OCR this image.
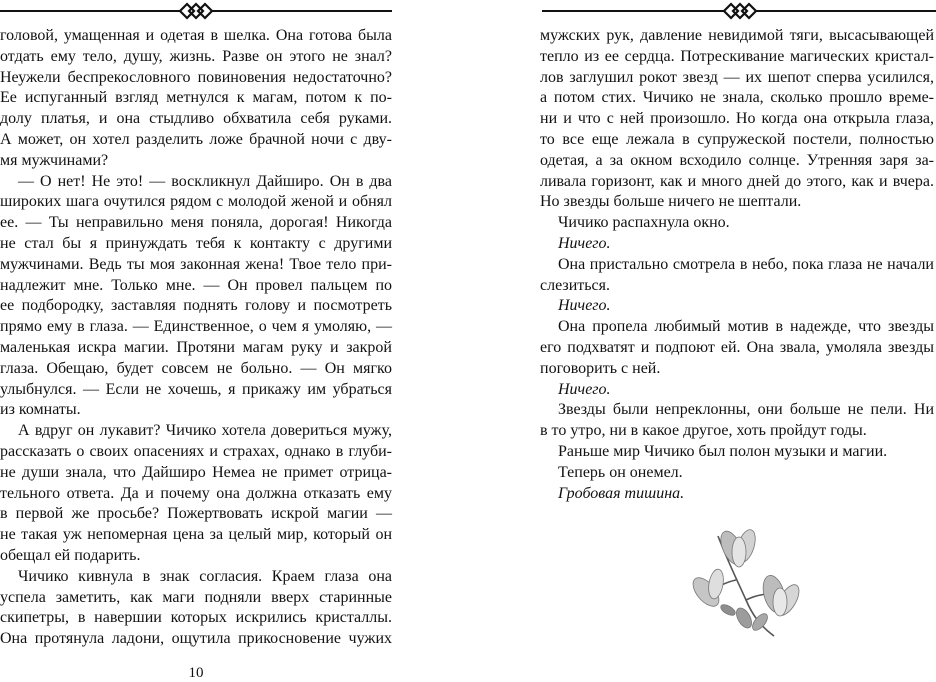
головой, умащенная и одетая в шелка. Она готова была
отдать ему тело, душу, жизнь. Разве он этого не знал?
Неужели беспрекословного повиновения недостаточно?
Ее испуганный взгляд метнулся к магам, потом к по-
долу платья, и она стыдливо обхватила себя руками.
А может, он хотел разделить ложе брачной ночи с дву-
мя мужчинами?
— О нет! Не это! — воскликнул Дайширо. Он в два
широких шага очутился рядом с молодой женой и обнял
ее. — Ты неправильно меня поняла, дорогая! Никогда
не стал бы я принуждать тебя к контакту с другими
мужчинами. Ведь ты моя законная жена! Твое тело при-
надлежит мне. Только мне. — Он провел пальцем по
ее подбородку, заставляя поднять голову и посмотреть
прямо ему в глаза. — Единственное, о чем я умоляю, —
маленькая искра магии. Протяни магам руку и закрой
глаза. Обещаю, будет совсем не больно. — Он мягко
улыбнулся. — Если не хочешь, я прикажу им убраться
из комнаты.
А вдруг он лукавит? Чичико хотела довериться мужу,
рассказать о своих опасениях и страхах, однако в глуби-
не души знала, что Дайширо Немеа не примет отрица-
тельного ответа. Да и почему она должна отказать ему
в первой же просьбе? Пожертвовать искрой магии —
не такая уж непомерная цена за целый мир, который он
обещал ей подарить.
Чичико кивнула в знак согласия. Краем глаза она
успела заметить, как маги подняли вверх старинные
скипетры, в навершии которых искрились кристаллы.
Она протянула ладони, ощутила прикосновение чужих
10
мужских рук, давление невидимой тяги, высасывающей
тепло из ее сердца. Потрескивание магических кристал-
лов заглушил рокот звезд — их шепот сперва усилился,
а потом стих. Чичико не знала, сколько прошло време-
ни и что с ней произошло. Но когда она открыла глаза,
то все еще лежала в супружеской постели, полностью
одетая, а за окном всходило солнце. Утренняя заря за-
ливала горизонт, как и много дней до этого, как и вчера.
Но звезды больше ничего не шептали.
Чичико распахнула окно.
Ничего.
Она пристально смотрела в небо, пока глаза не начали
слезиться.
Ничего.
Она пропела любимый мотив в надежде, что звезды
его подхватят и подпоют ей. Она звала, умоляла звезды
поговорить с ней.
Ничего.
Звезды были непреклонны, они больше не пели. Ни
в то утро, ни в какое другое, хоть пройдут годы.
Раньше мир Чичико был полон музыки и магии.
Теперь он онемел.
Гробовая тишина.
